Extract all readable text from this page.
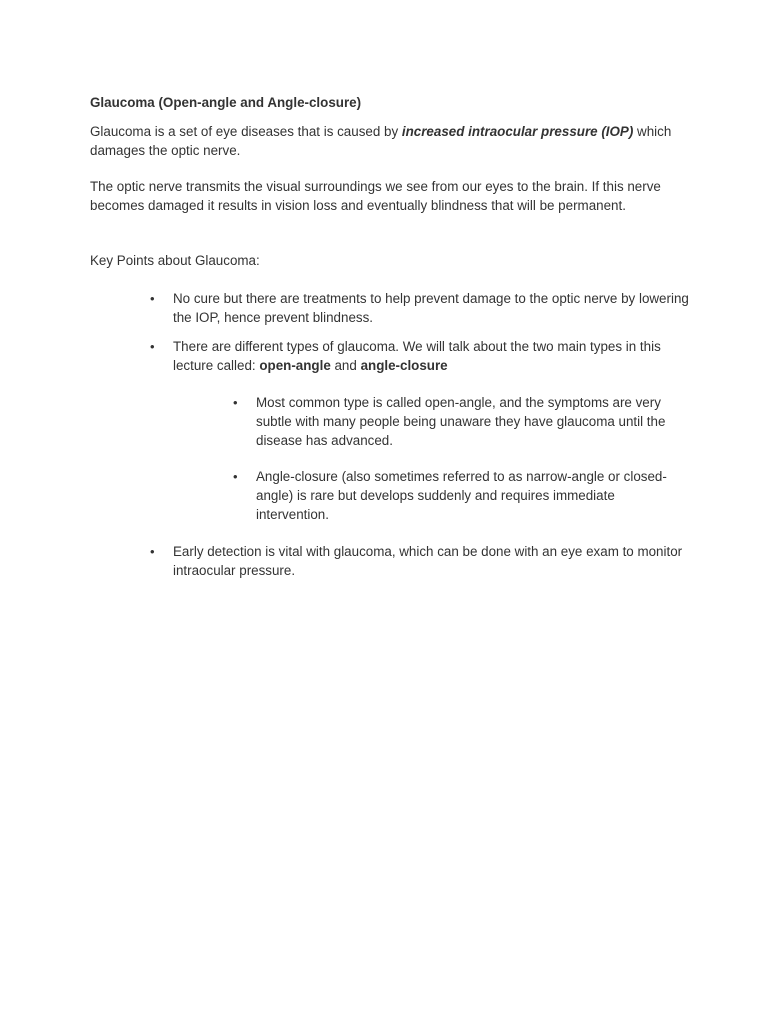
Glaucoma (Open-angle and Angle-closure)

Glaucoma is a set of eye diseases that is caused by increased intraocular pressure (IOP) which damages the optic nerve.

The optic nerve transmits the visual surroundings we see from our eyes to the brain. If this nerve becomes damaged it results in vision loss and eventually blindness that will be permanent.

Key Points about Glaucoma:

• No cure but there are treatments to help prevent damage to the optic nerve by lowering the IOP, hence prevent blindness.

• There are different types of glaucoma. We will talk about the two main types in this lecture called: open-angle and angle-closure

• Most common type is called open-angle, and the symptoms are very subtle with many people being unaware they have glaucoma until the disease has advanced.

• Angle-closure (also sometimes referred to as narrow-angle or closed-angle) is rare but develops suddenly and requires immediate intervention.

• Early detection is vital with glaucoma, which can be done with an eye exam to monitor intraocular pressure.
